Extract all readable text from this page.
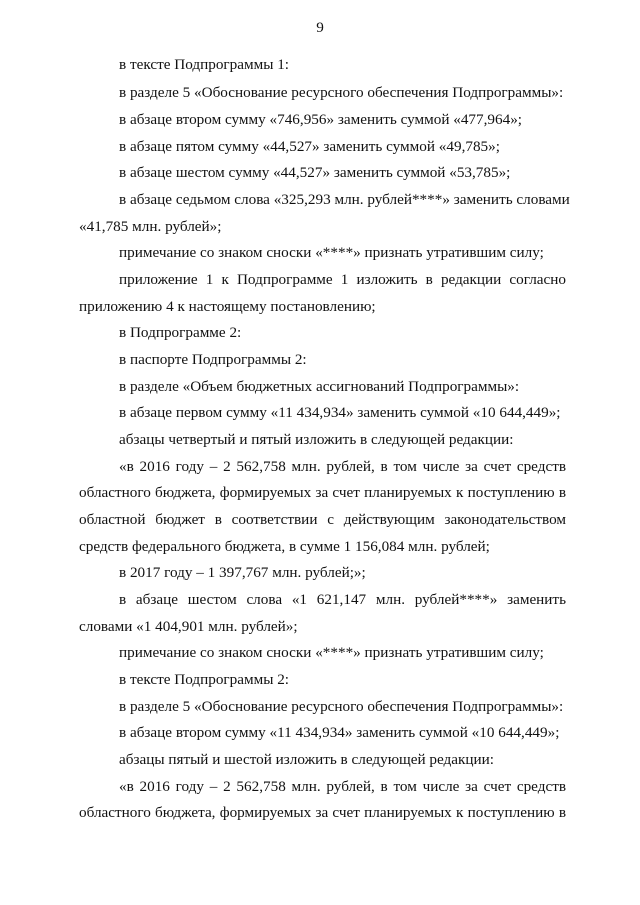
9
в тексте Подпрограммы 1:
в разделе 5 «Обоснование ресурсного обеспечения Подпрограммы»:
в абзаце втором сумму «746,956» заменить суммой «477,964»;
в абзаце пятом сумму «44,527» заменить суммой «49,785»;
в абзаце шестом сумму «44,527» заменить суммой «53,785»;
в абзаце седьмом слова «325,293 млн. рублей****» заменить словами
«41,785 млн. рублей»;
примечание со знаком сноски «****» признать утратившим силу;
приложение 1 к Подпрограмме 1 изложить в редакции согласно
приложению 4 к настоящему постановлению;
в Подпрограмме 2:
в паспорте Подпрограммы 2:
в разделе «Объем бюджетных ассигнований Подпрограммы»:
в абзаце первом сумму «11 434,934» заменить суммой «10 644,449»;
абзацы четвертый и пятый изложить в следующей редакции:
«в 2016 году – 2 562,758 млн. рублей, в том числе за счет средств
областного бюджета, формируемых за счет планируемых к поступлению в
областной бюджет в соответствии с действующим законодательством
средств федерального бюджета, в сумме 1 156,084 млн. рублей;
в 2017 году – 1 397,767 млн. рублей;»;
в абзаце шестом слова «1 621,147 млн. рублей****» заменить
словами «1 404,901 млн. рублей»;
примечание со знаком сноски «****» признать утратившим силу;
в тексте Подпрограммы 2:
в разделе 5 «Обоснование ресурсного обеспечения Подпрограммы»:
в абзаце втором сумму «11 434,934» заменить суммой «10 644,449»;
абзацы пятый и шестой изложить в следующей редакции:
«в 2016 году – 2 562,758 млн. рублей, в том числе за счет средств
областного бюджета, формируемых за счет планируемых к поступлению в
